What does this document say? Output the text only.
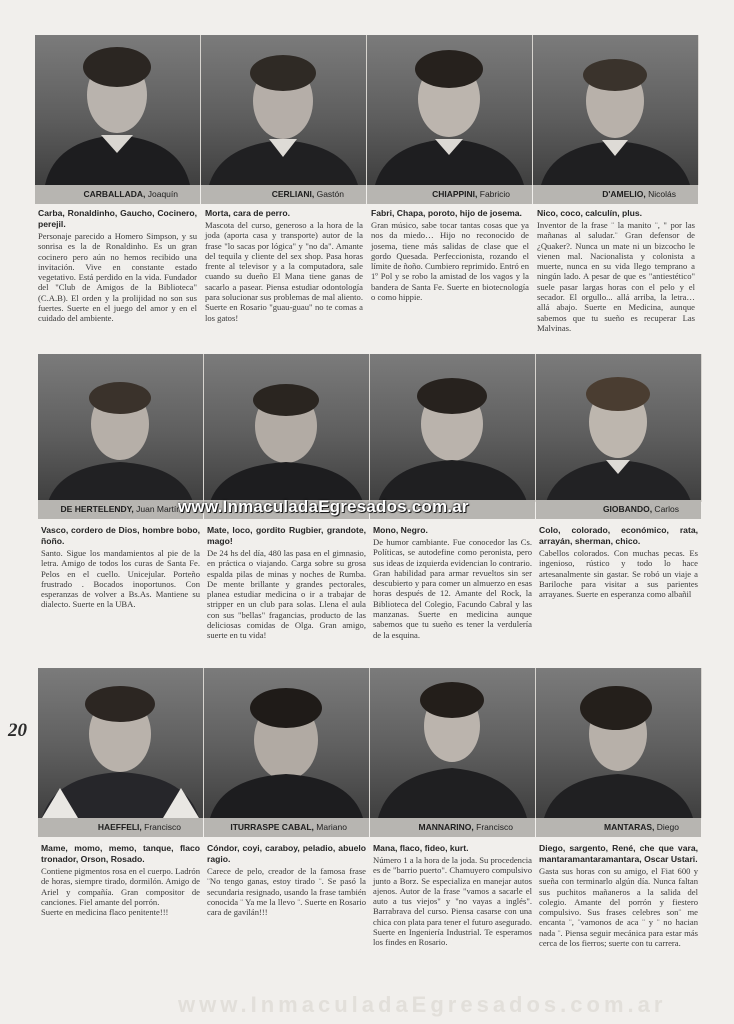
CARBALLADA, Joaquín	CERLIANI, Gastón	CHIAPPINI, Fabricio	D'AMELIO, Nicolás
Carba, Ronaldinho, Gaucho, Cocinero, perejil.
Personaje parecido a Homero Simpson, y su sonrisa es la de Ronaldinho. Es un gran cocinero pero aún no hemos recibido una invitación. Vive en constante estado vegetativo. Está perdido en la vida. Fundador del "Club de Amigos de la Biblioteca"(C.A.B). El orden y la prolijidad no son sus fuertes. Suerte en el juego del amor y en el cuidado del ambiente.
Morta, cara de perro.
Mascota del curso, generoso a la hora de la joda (aporta casa y transporte) autor de la frase "lo sacas por lógica" y "no da". Amante del tequila y cliente del sex shop. Pasa horas frente al televisor y a la computadora, sale cuando su dueño El Mana tiene ganas de sacarlo a pasear. Piensa estudiar odontología para solucionar sus problemas de mal aliento. Suerte en Rosario "guau-guau" no te comas a los gatos!
Fabri, Chapa, poroto, hijo de josema.
Gran músico, sabe tocar tantas cosas que ya nos da miedo… Hijo no reconocido de josema, tiene más salidas de clase que el gordo Quesada. Perfeccionista, rozando el límite de ñoño. Cumbiero reprimido. Entró en 1º Pol y se robo la amistad de los vagos y la bandera de Santa Fe. Suerte en biotecnología o como hippie.
Nico, coco, calculín, plus.
Inventor de la frase ¨ la manito ¨, " por las mañanas al saludar.¨ Gran defensor de ¿Quaker?. Nunca un mate ni un bizcocho le vienen mal. Nacionalista y colonista a muerte, nunca en su vida llego temprano a ningún lado. A pesar de que es "antiestético" suele pasar largas horas con el pelo y el secador. El orgullo... allá arriba, la letra… allá abajo. Suerte en Medicina, aunque sabemos que tu sueño es recuperar Las Malvinas.
DE HERTELENDY, Juan Martín	GIOBANDO, Carlos
www.InmaculadaEgresados.com.ar
Vasco, cordero de Dios, hombre bobo, ñoño.
Santo. Sigue los mandamientos al pie de la letra. Amigo de todos los curas de Santa Fe. Pelos en el cuello. Unicejular. Porteño frustrado . Bocados inoportunos. Con esperanzas de volver a Bs.As. Mantiene su dialecto. Suerte en la UBA.
Mate, loco, gordito Rugbier, grandote, mago!
De 24 hs del día, 480 las pasa en el gimnasio, en práctica o viajando. Carga sobre su grosa espalda pilas de minas y noches de Rumba. De mente brillante y grandes pectorales, planea estudiar medicina o ir a trabajar de stripper en un club para solas. Llena el aula con sus "bellas" fragancias, producto de las deliciosas comidas de Olga. Gran amigo, suerte en tu vida!
Mono, Negro.
De humor cambiante. Fue conocedor las Cs. Políticas, se autodefine como peronista, pero sus ideas de izquierda evidencian lo contrario. Gran habilidad para armar revueltos sin ser descubierto y para comer un almuerzo en esas horas después de 12. Amante del Rock, la Biblioteca del Colegio, Facundo Cabral y las manzanas. Suerte en medicina aunque sabemos que tu sueño es tener la verdulería de la esquina.
Colo, colorado, económico, rata, arrayán, sherman, chico.
Cabellos colorados. Con muchas pecas. Es ingenioso, rústico y todo lo hace artesanalmente sin gastar. Se robó un viaje a Bariloche para visitar a sus parientes arrayanes. Suerte en esperanza como albañil
20
HAEFFELI, Francisco	ITURRASPE CABAL, Mariano	MANNARINO, Francisco	MANTARAS, Diego
Mame, momo, memo, tanque, flaco tronador, Orson, Rosado.
Contiene pigmentos rosa en el cuerpo. Ladrón de horas, siempre tirado, dormilón. Amigo de Ariel y compañía. Gran compositor de canciones. Fiel amante del porrón.
Suerte en medicina flaco penitente!!!
Cóndor, coyi, caraboy, peladio, abuelo ragio.
Carece de pelo, creador de la famosa frase ¨No tengo ganas, estoy tirado ¨. Se pasó la secundaria resignado, usando la frase también conocida ¨ Ya me la llevo ¨. Suerte en Rosario cara de gavilán!!!
Mana, flaco, fideo, kurt.
Número 1 a la hora de la joda. Su procedencia es de "barrio puerto". Chamuyero compulsivo junto a Borz. Se especializa en manejar autos ajenos. Autor de la frase "vamos a sacarle el auto a tus viejos" y "no vayas a inglés". Barrabrava del curso. Piensa casarse con una chica con plata para tener el futuro asegurado. Suerte en Ingeniería Industrial. Te esperamos los findes en Rosario.
Diego, sargento, René, che que vara, mantaramantaramantara, Oscar Ustari.
Gasta sus horas con su amigo, el Fiat 600 y sueña con terminarlo algún día. Nunca faltan sus puchitos mañaneros a la salida del colegio. Amante del porrón y fiestero compulsivo. Sus frases celebres son¨ me encanta ¨, ¨vamonos de aca ¨ y ¨ no hacian nada ¨. Piensa seguir mecánica para estar más cerca de los fierros; suerte con tu carrera.
www.InmaculadaEgresados.com.ar
